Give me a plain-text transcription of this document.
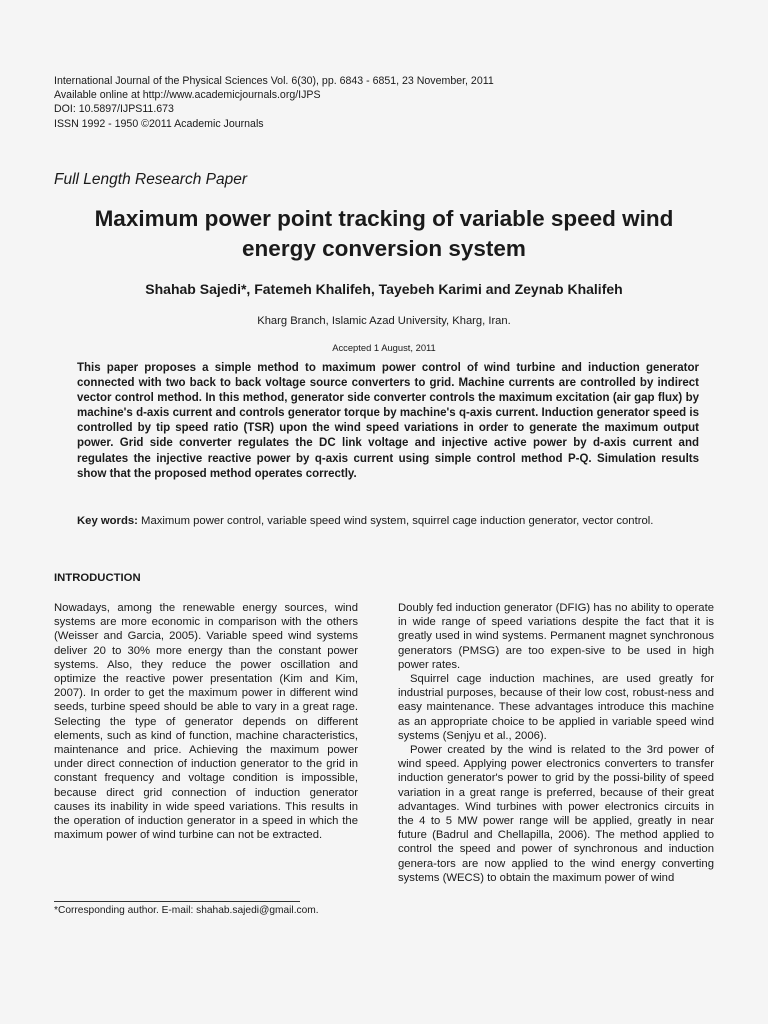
International Journal of the Physical Sciences Vol. 6(30), pp. 6843 - 6851, 23 November, 2011
Available online at http://www.academicjournals.org/IJPS
DOI: 10.5897/IJPS11.673
ISSN 1992 - 1950 ©2011 Academic Journals
Full Length Research Paper
Maximum power point tracking of variable speed wind
energy conversion system
Shahab Sajedi*, Fatemeh Khalifeh, Tayebeh Karimi and Zeynab Khalifeh
Kharg Branch, Islamic Azad University, Kharg, Iran.
Accepted 1 August, 2011
This paper proposes a simple method to maximum power control of wind turbine and induction generator connected with two back to back voltage source converters to grid. Machine currents are controlled by indirect vector control method. In this method, generator side converter controls the maximum excitation (air gap flux) by machine's d-axis current and controls generator torque by machine's q-axis current. Induction generator speed is controlled by tip speed ratio (TSR) upon the wind speed variations in order to generate the maximum output power. Grid side converter regulates the DC link voltage and injective active power by d-axis current and regulates the injective reactive power by q-axis current using simple control method P-Q. Simulation results show that the proposed method operates correctly.
Key words: Maximum power control, variable speed wind system, squirrel cage induction generator, vector control.
INTRODUCTION

Nowadays, among the renewable energy sources, wind systems are more economic in comparison with the others (Weisser and Garcia, 2005). Variable speed wind systems deliver 20 to 30% more energy than the constant power systems. Also, they reduce the power oscillation and optimize the reactive power presentation (Kim and Kim, 2007). In order to get the maximum power in different wind seeds, turbine speed should be able to vary in a great rage. Selecting the type of generator depends on different elements, such as kind of function, machine characteristics, maintenance and price. Achieving the maximum power under direct connection of induction generator to the grid in constant frequency and voltage condition is impossible, because direct grid connection of induction generator causes its inability in wide speed variations. This results in the operation of induction generator in a speed in which the maximum power of wind turbine can not be extracted.

Doubly fed induction generator (DFIG) has no ability to operate in wide range of speed variations despite the fact that it is greatly used in wind systems. Permanent magnet synchronous generators (PMSG) are too expen-sive to be used in high power rates.

Squirrel cage induction machines, are used greatly for industrial purposes, because of their low cost, robust-ness and easy maintenance. These advantages introduce this machine as an appropriate choice to be applied in variable speed wind systems (Senjyu et al., 2006).

Power created by the wind is related to the 3rd power of wind speed. Applying power electronics converters to transfer induction generator's power to grid by the possi-bility of speed variation in a great range is preferred, because of their great advantages. Wind turbines with power electronics circuits in the 4 to 5 MW power range will be applied, greatly in near future (Badrul and Chellapilla, 2006). The method applied to control the speed and power of synchronous and induction genera-tors are now applied to the wind energy converting systems (WECS) to obtain the maximum power of wind

*Corresponding author. E-mail: shahab.sajedi@gmail.com.
